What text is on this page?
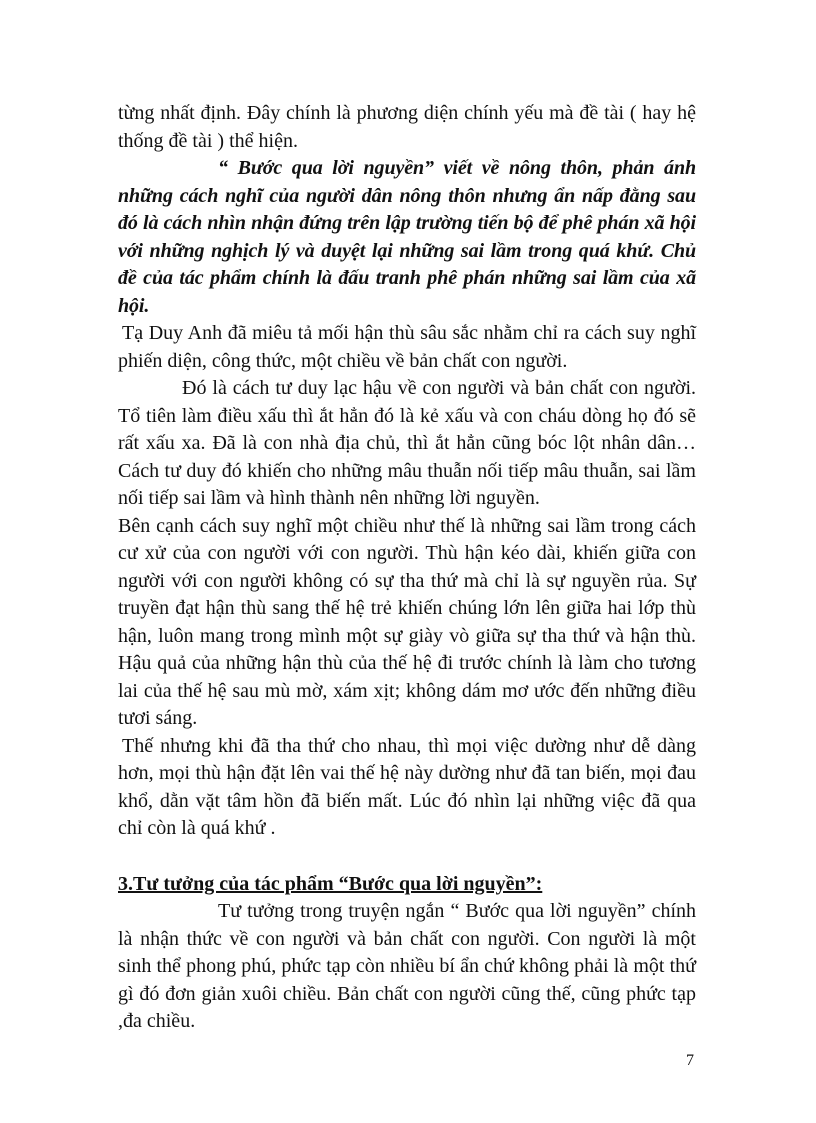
từng nhất định. Đây chính là phương diện chính yếu mà đề tài ( hay hệ thống đề tài ) thể hiện.

“ Bước qua lời nguyền” viết về nông thôn, phản ánh những cách nghĩ của người dân nông thôn nhưng ẩn nấp đằng sau đó là cách nhìn nhận đứng trên lập trường tiến bộ để phê phán xã hội với những nghịch lý và duyệt lại những sai lầm trong quá khứ. Chủ đề của tác phẩm chính là đấu tranh phê phán những sai lầm của xã hội.

Tạ Duy Anh đã miêu tả mối hận thù sâu sắc nhằm chỉ ra cách suy nghĩ phiến diện, công thức, một chiều về bản chất con người.

Đó là cách tư duy lạc hậu về con người và bản chất con người. Tổ tiên làm điều xấu thì ắt hẳn đó là kẻ xấu và con cháu dòng họ đó sẽ rất xấu xa. Đã là con nhà địa chủ, thì ắt hẳn cũng bóc lột nhân dân… Cách tư duy đó khiến cho những mâu thuẫn nối tiếp mâu thuẫn, sai lầm nối tiếp sai lầm và hình thành nên những lời nguyền.

Bên cạnh cách suy nghĩ một chiều như thế là những sai lầm trong cách cư xử của con người với con người. Thù hận kéo dài, khiến giữa con người với con người không có sự tha thứ mà chỉ là sự nguyền rủa. Sự truyền đạt hận thù sang thế hệ trẻ khiến chúng lớn lên giữa hai lớp thù hận, luôn mang trong mình một sự giày vò giữa sự tha thứ và hận thù. Hậu quả của những hận thù của thế hệ đi trước chính là làm cho tương lai của thế hệ sau mù mờ, xám xịt; không dám mơ ước đến những điều tươi sáng.

Thế nhưng khi đã tha thứ cho nhau, thì mọi việc dường như dễ dàng hơn, mọi thù hận đặt lên vai thế hệ này dường như đã tan biến, mọi đau khổ, dằn vặt tâm hồn đã biến mất. Lúc đó nhìn lại những việc đã qua chỉ còn là quá khứ .

3.Tư tưởng của tác phẩm “Bước qua lời nguyền”:

Tư tưởng trong truyện ngắn “ Bước qua lời nguyền” chính là nhận thức về con người và bản chất con người. Con người là một sinh thể phong phú, phức tạp còn nhiều bí ẩn chứ không phải là một thứ gì đó đơn giản xuôi chiều. Bản chất con người cũng thế, cũng phức tạp ,đa chiều.

7
